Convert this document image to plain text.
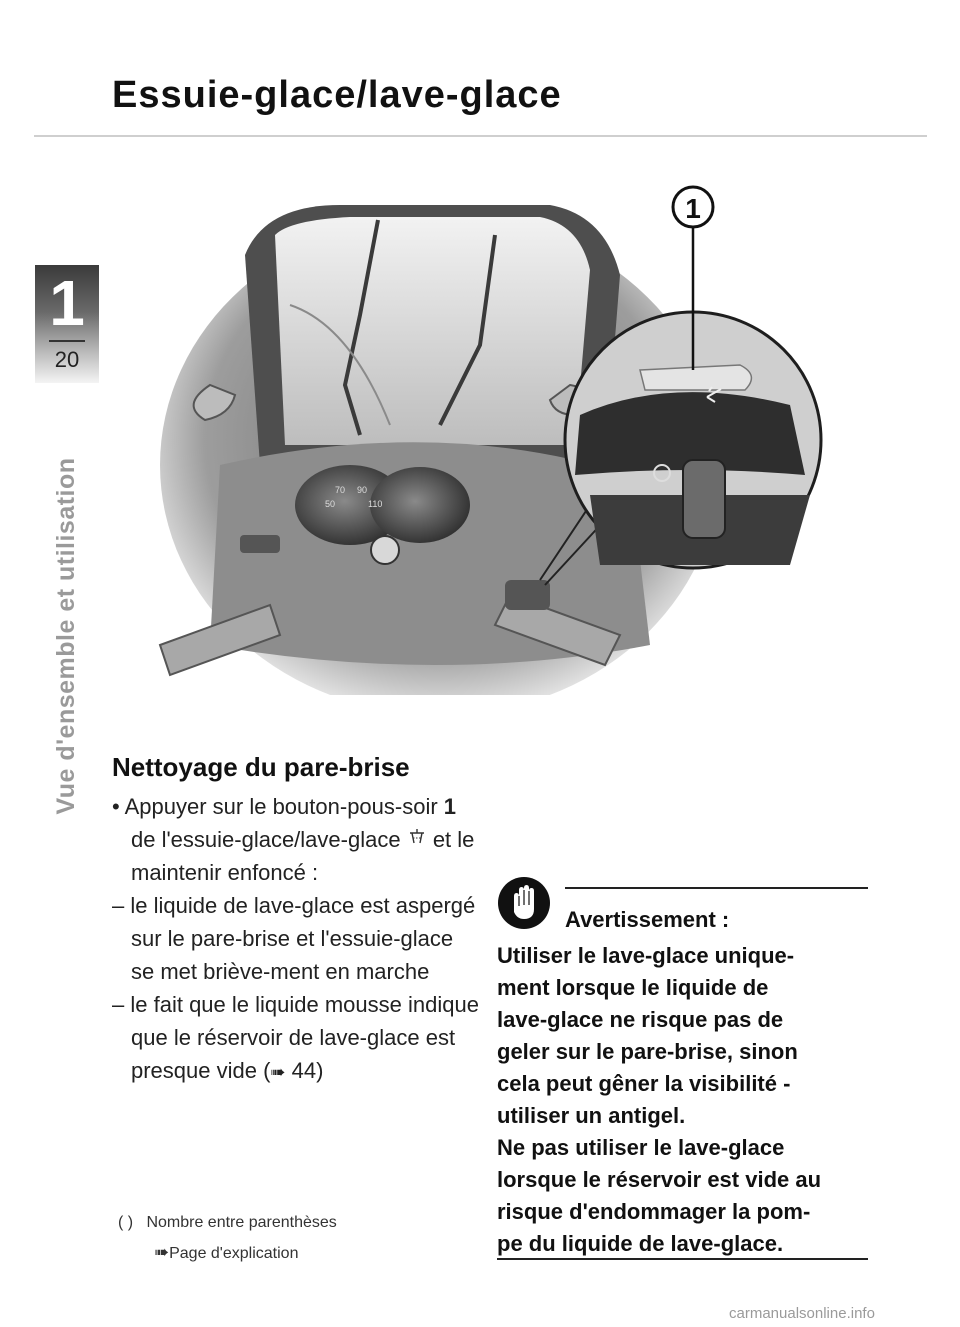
Essuie-glace/lave-glace
1
20
Vue d'ensemble et utilisation	70 90
50	110
1
Nettoyage du pare-brise
• Appuyer sur le bouton-pous-soir 1 de l'essuie-glace/lave-glace  et le maintenir enfoncé :
– le liquide de lave-glace est aspergé sur le pare-brise et l'essuie-glace se met briève-ment en marche
– le fait que le liquide mousse indique que le réservoir de lave-glace est presque vide (➠ 44)
( ) Nombre entre parenthèses
➠Page d'explication
Avertissement :

Utiliser le lave-glace unique-
ment lorsque le liquide de
lave-glace ne risque pas de
geler sur le pare-brise, sinon
cela peut gêner la visibilité -
utiliser un antigel.
Ne pas utiliser le lave-glace
lorsque le réservoir est vide au
risque d'endommager la pom-
pe du liquide de lave-glace.

carmanualsonline.info
